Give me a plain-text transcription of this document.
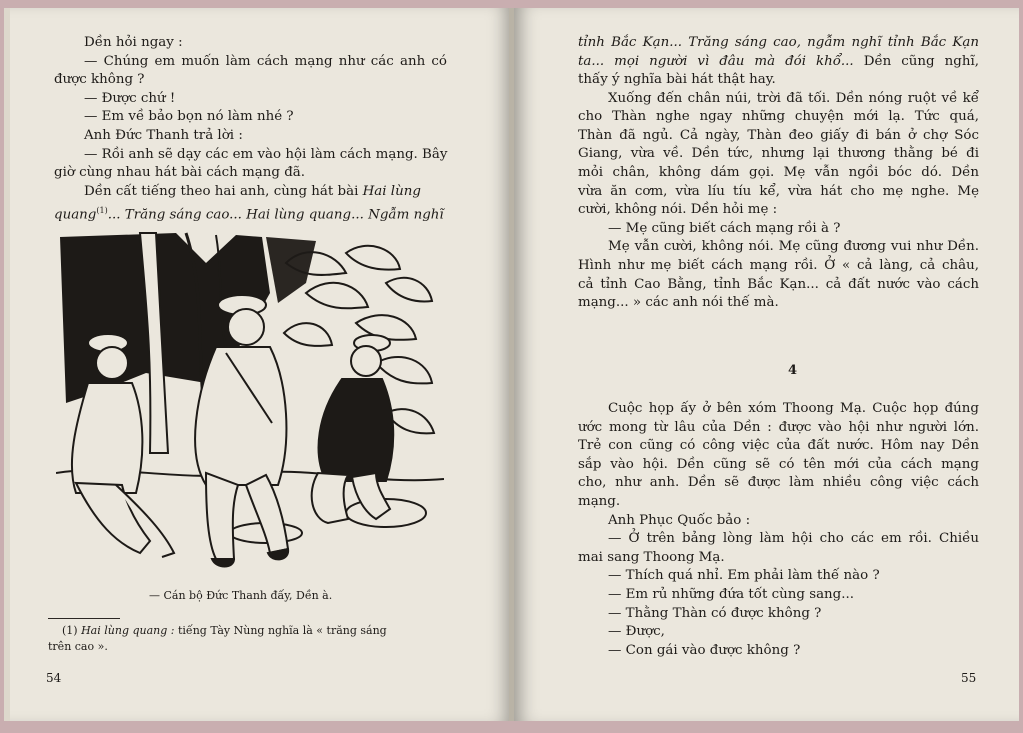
Dền hỏi ngay :
— Chúng em muốn làm cách mạng như các anh có
được không ?
— Được chứ !
— Em về bảo bọn nó làm nhé ?
Anh Đức Thanh trả lời :
— Rồi anh sẽ dạy các em vào hội làm cách mạng. Bây
giờ cùng nhau hát bài cách mạng đã.
Dền cất tiếng theo hai anh, cùng hát bài Hai lùng
quang$^{(1)}$... Trăng sáng cao... Hai lùng quang... Ngẫm nghĩ
— Cán bộ Đức Thanh đấy, Dền à.
(1) Hai lùng quang : tiếng Tày Nùng nghĩa là « trăng sáng
trên cao ».
54
tỉnh Bắc Kạn... Trăng sáng cao, ngẫm nghĩ tỉnh Bắc Kạn
ta... mọi người vì đâu mà đói khổ... Dền cũng nghĩ,
thấy ý nghĩa bài hát thật hay.
Xuống đến chân núi, trời đã tối. Dền nóng ruột về kể
cho Thàn nghe ngay những chuyện mới lạ. Tức quá,
Thàn đã ngủ. Cả ngày, Thàn đeo giấy đi bán ở chợ Sóc
Giang, vừa về. Dền tức, nhưng lại thương thằng bé đi
mỏi chân, không dám gọi. Mẹ vẫn ngồi bóc dó. Dền
vừa ăn cơm, vừa líu tíu kể, vừa hát cho mẹ nghe. Mẹ
cười, không nói. Dền hỏi mẹ :
— Mẹ cũng biết cách mạng rồi à ?
Mẹ vẫn cười, không nói. Mẹ cũng đương vui như Dền.
Hình như mẹ biết cách mạng rồi. Ở « cả làng, cả châu,
cả tỉnh Cao Bằng, tỉnh Bắc Kạn... cả đất nước vào cách
mạng... » các anh nói thế mà.
4
Cuộc họp ấy ở bên xóm Thoong Mạ. Cuộc họp đúng
ước mong từ lâu của Dền : được vào hội như người lớn.
Trẻ con cũng có công việc của đất nước. Hôm nay Dền
sắp vào hội. Dền cũng sẽ có tên mới của cách mạng
cho, như anh. Dền sẽ được làm nhiều công việc cách
mạng.
Anh Phục Quốc bảo :
— Ở trên bảng lòng làm hội cho các em rồi. Chiều
mai sang Thoong Mạ.
— Thích quá nhỉ. Em phải làm thế nào ?
— Em rủ những đứa tốt cùng sang...
— Thằng Thàn có được không ?
— Được,
— Con gái vào được không ?
55
